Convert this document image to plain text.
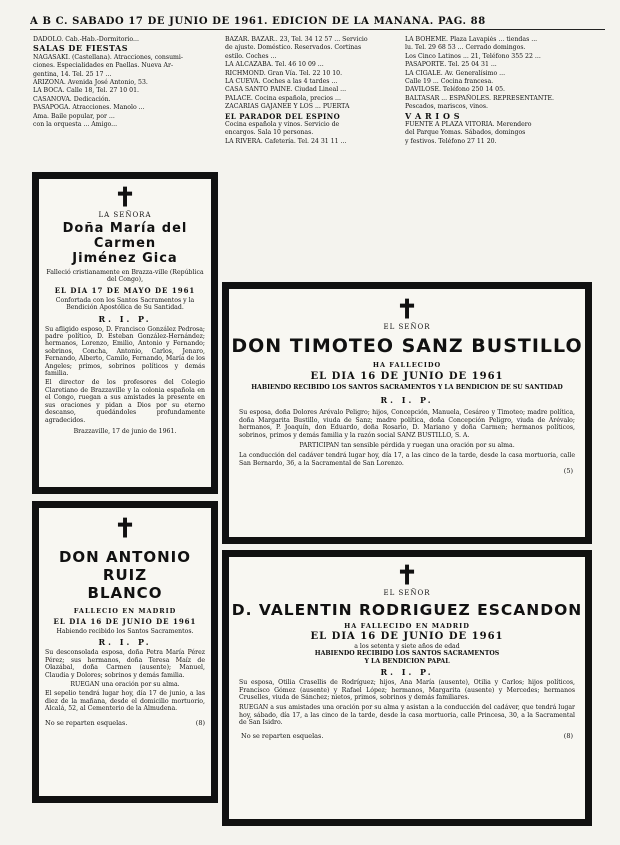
A B C. SABADO 17 DE JUNIO DE 1961. EDICION DE LA MAÑANA. PAG. 88

DADOLO. Cab.-Hab.-Dormitorio...

SALAS DE FIESTAS

NAGASAKI. (Castellana). Atracciones, consumi-

ciones. Especialidades en Paellas. Nueva Ar-

gentina, 14. Tel. 25 17 ...

ARIZONA. Avenida José Antonio, 53.

LA BOCA. Calle 18, Tel. 27 10 01.

CASANOVA. Dedicación.

PASAPOGA. Atracciones. Manolo ...

Ama. Baile popular, por ...

con la orquesta ... Amigo...

✝
LA SEÑORA
Doña María del Carmen
Jiménez Gica
Falleció cristianamente en Brazza-ville (República del Congo),
EL DIA 17 DE MAYO DE 1961
Confortada con los Santos Sacramentos y la Bendición Apostólica de Su Santidad.
R. I. P.
Su afligido esposo, D. Francisco González Pedrosa; padre político, D. Esteban González-Hernández; hermanos, Lorenzo, Emilio, Antonio y Fernando; sobrinos, Concha, Antonio, Carlos, Jenaro, Fernando, Alberto, Camilo, Fernando, María de los Angeles; primos, sobrinos políticos y demás familia.
El director de los profesores del Colegio Claretiano de Brazzaville y la colonia española en el Congo, ruegan a sus amistades la presente en sus oraciones y pidan a Dios por su eterno descanso, quedándoles profundamente agradecidos.
Brazzaville, 17 de junio de 1961.
✝
DON ANTONIO RUIZ
BLANCO
FALLECIO EN MADRID
EL DIA 16 DE JUNIO DE 1961
Habiendo recibido los Santos Sacramentos.
R. I. P.
Su desconsolada esposa, doña Petra María Pérez Pérez; sus hermanos, doña Teresa Maíz de Olazábal, doña Carmen (ausente); Manuel, Claudia y Dolores; sobrinos y demás familia.
RUEGAN una oración por su alma.
El sepelio tendrá lugar hoy, día 17 de junio, a las diez de la mañana, desde el domicilio mortuorio, Alcalá, 52, al Cementerio de la Almudena.
No se reparten esquelas.	(8)

BAZAR. BAZAR.. 23, Tel. 34 12 57 ... Servicio

de ajuste. Doméstico. Reservados. Cortinas

estilo. Coches ...

LA ALCAZABA. Tel. 46 10 09 ...

RICHMOND. Gran Vía. Tel. 22 10 10.

LA CUEVA. Coches a las 4 tardes ...

CASA SANTO PAINE. Ciudad Lineal ...

PALACE. Cocina española, precios ...

ZACARIAS GAJANEE Y LOS ... PUERTA

EL PARADOR DEL ESPINO

Cocina española y vinos. Servicio de

encargos. Sala 10 personas.

LA RIVERA. Cafetería. Tel. 24 31 11 ...

LA BOHEME. Plaza Lavapiés ... tiendas ...

lu. Tel. 29 68 53 ... Cerrado domingos.

Los Cinco Latinos ... 21, Teléfono 355 22 ...

PASAPORTE. Tel. 25 04 31 ...

LA CIGALE. Av. Generalísimo ...

Calle 19 ... Cocina francesa.

DAVILOSE. Teléfono 250 14 05.

BALTASAR ... ESPAÑOLES. REPRESENTANTE.

Pescados, mariscos, vinos.

V A R I O S

FUENTE A PLAZA VITORIA. Merendero

del Parque Yomas. Sábados, domingos

y festivos. Teléfono 27 11 20.

✝
EL SEÑOR
DON TIMOTEO SANZ BUSTILLO
HA FALLECIDO
EL DIA 16 DE JUNIO DE 1961
HABIENDO RECIBIDO LOS SANTOS SACRAMENTOS Y LA BENDICION DE SU SANTIDAD
R. I. P.
Su esposa, doña Dolores Arévalo Peligro; hijos, Concepción, Manuela, Cesáreo y Timoteo; madre política, doña Margarita Bustillo, viuda de Sanz; madre política, doña Concepción Peligro, viuda de Arévalo; hermanos, P. Joaquín, don Eduardo, doña Rosario, D. Mariano y doña Carmen; hermanos políticos, sobrinos, primos y demás familia y la razón social SANZ BUSTILLO, S. A.
PARTICIPAN tan sensible pérdida y ruegan una oración por su alma.
La conducción del cadáver tendrá lugar hoy, día 17, a las cinco de la tarde, desde la casa mortuoria, calle San Bernardo, 36, a la Sacramental de San Lorenzo.
(5)
✝
EL SEÑOR
D. VALENTIN RODRIGUEZ ESCANDON
HA FALLECIDO EN MADRID
EL DIA 16 DE JUNIO DE 1961
a los setenta y siete años de edad
HABIENDO RECIBIDO LOS SANTOS SACRAMENTOS
Y LA BENDICION PAPAL
R. I. P.
Su esposa, Otilia Crasellis de Rodríguez; hijos, Ana María (ausente), Otilia y Carlos; hijos políticos, Francisco Gómez (ausente) y Rafael López; hermanos, Margarita (ausente) y Mercedes; hermanos Cruselles, viuda de Sánchez; nietos, primos, sobrinos y demás familiares.
RUEGAN a sus amistades una oración por su alma y asistan a la conducción del cadáver, que tendrá lugar hoy, sábado, día 17, a las cinco de la tarde, desde la casa mortuoria, calle Princesa, 30, a la Sacramental de San Isidro.
No se reparten esquelas.	(8)
